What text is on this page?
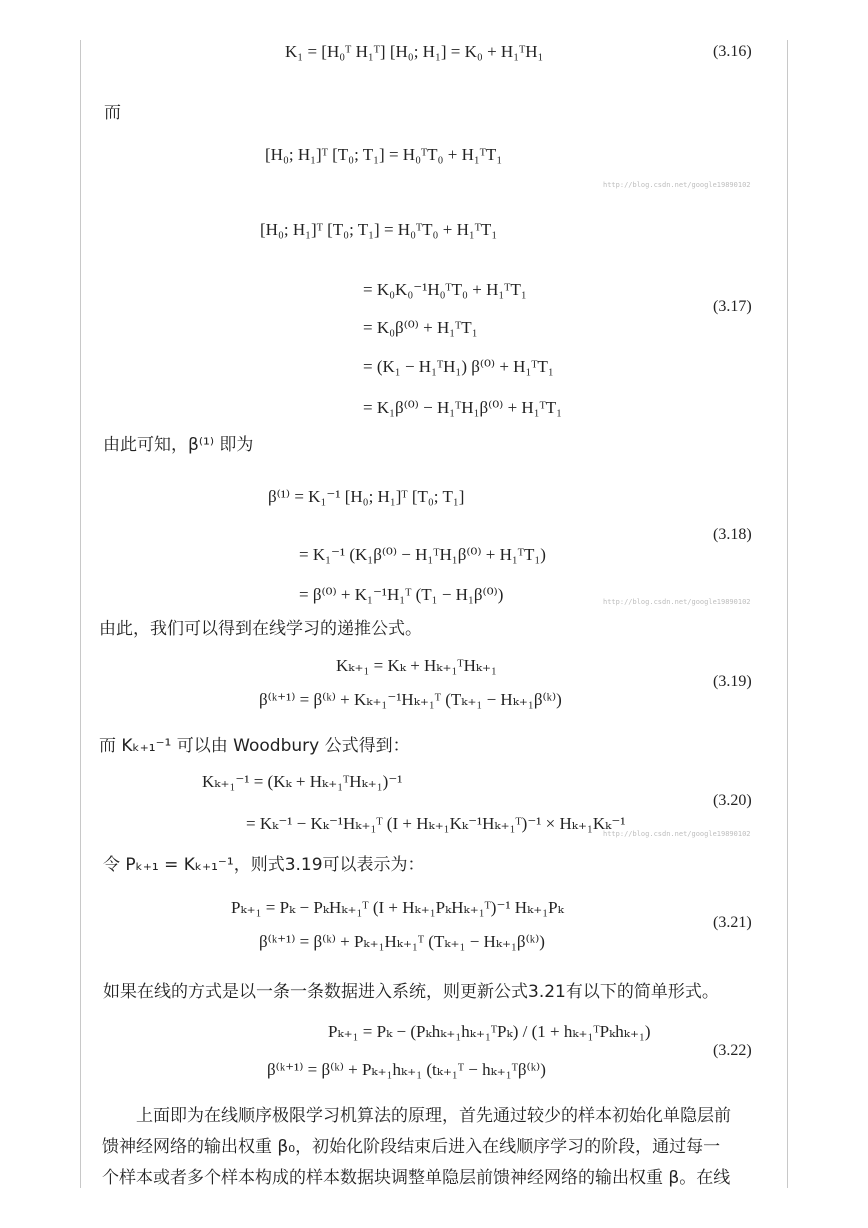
K₁ = [H₀ᵀ H₁ᵀ] [H₀; H₁] = K₀ + H₁ᵀH₁	(3.16)
而
[H₀; H₁]ᵀ [T₀; T₁] = H₀ᵀT₀ + H₁ᵀT₁
http://blog.csdn.net/google19890102
[H₀; H₁]ᵀ [T₀; T₁] = H₀ᵀT₀ + H₁ᵀT₁
= K₀K₀⁻¹H₀ᵀT₀ + H₁ᵀT₁
= K₀β⁽⁰⁾ + H₁ᵀT₁
= (K₁ − H₁ᵀH₁) β⁽⁰⁾ + H₁ᵀT₁
= K₁β⁽⁰⁾ − H₁ᵀH₁β⁽⁰⁾ + H₁ᵀT₁
(3.17)
由此可知，β⁽¹⁾ 即为
β⁽¹⁾ = K₁⁻¹ [H₀; H₁]ᵀ [T₀; T₁]
= K₁⁻¹ (K₁β⁽⁰⁾ − H₁ᵀH₁β⁽⁰⁾ + H₁ᵀT₁)
= β⁽⁰⁾ + K₁⁻¹H₁ᵀ (T₁ − H₁β⁽⁰⁾)
(3.18)
http://blog.csdn.net/google19890102
由此，我们可以得到在线学习的递推公式。
Kₖ₊₁ = Kₖ + Hₖ₊₁ᵀHₖ₊₁
β⁽ᵏ⁺¹⁾ = β⁽ᵏ⁾ + Kₖ₊₁⁻¹Hₖ₊₁ᵀ (Tₖ₊₁ − Hₖ₊₁β⁽ᵏ⁾)
(3.19)
而 Kₖ₊₁⁻¹ 可以由 Woodbury 公式得到：
Kₖ₊₁⁻¹ = (Kₖ + Hₖ₊₁ᵀHₖ₊₁)⁻¹
= Kₖ⁻¹ − Kₖ⁻¹Hₖ₊₁ᵀ (I + Hₖ₊₁Kₖ⁻¹Hₖ₊₁ᵀ)⁻¹ × Hₖ₊₁Kₖ⁻¹
(3.20)
http://blog.csdn.net/google19890102
令 Pₖ₊₁ = Kₖ₊₁⁻¹，则式3.19可以表示为：
Pₖ₊₁ = Pₖ − PₖHₖ₊₁ᵀ (I + Hₖ₊₁PₖHₖ₊₁ᵀ)⁻¹ Hₖ₊₁Pₖ
β⁽ᵏ⁺¹⁾ = β⁽ᵏ⁾ + Pₖ₊₁Hₖ₊₁ᵀ (Tₖ₊₁ − Hₖ₊₁β⁽ᵏ⁾)
(3.21)
如果在线的方式是以一条一条数据进入系统，则更新公式3.21有以下的简单形式。
Pₖ₊₁ = Pₖ − (Pₖhₖ₊₁hₖ₊₁ᵀPₖ) / (1 + hₖ₊₁ᵀPₖhₖ₊₁)
β⁽ᵏ⁺¹⁾ = β⁽ᵏ⁾ + Pₖ₊₁hₖ₊₁ (tₖ₊₁ᵀ − hₖ₊₁ᵀβ⁽ᵏ⁾)
(3.22)
上面即为在线顺序极限学习机算法的原理，首先通过较少的样本初始化单隐层前
馈神经网络的输出权重 β₀，初始化阶段结束后进入在线顺序学习的阶段，通过每一
个样本或者多个样本构成的样本数据块调整单隐层前馈神经网络的输出权重 β。在线
